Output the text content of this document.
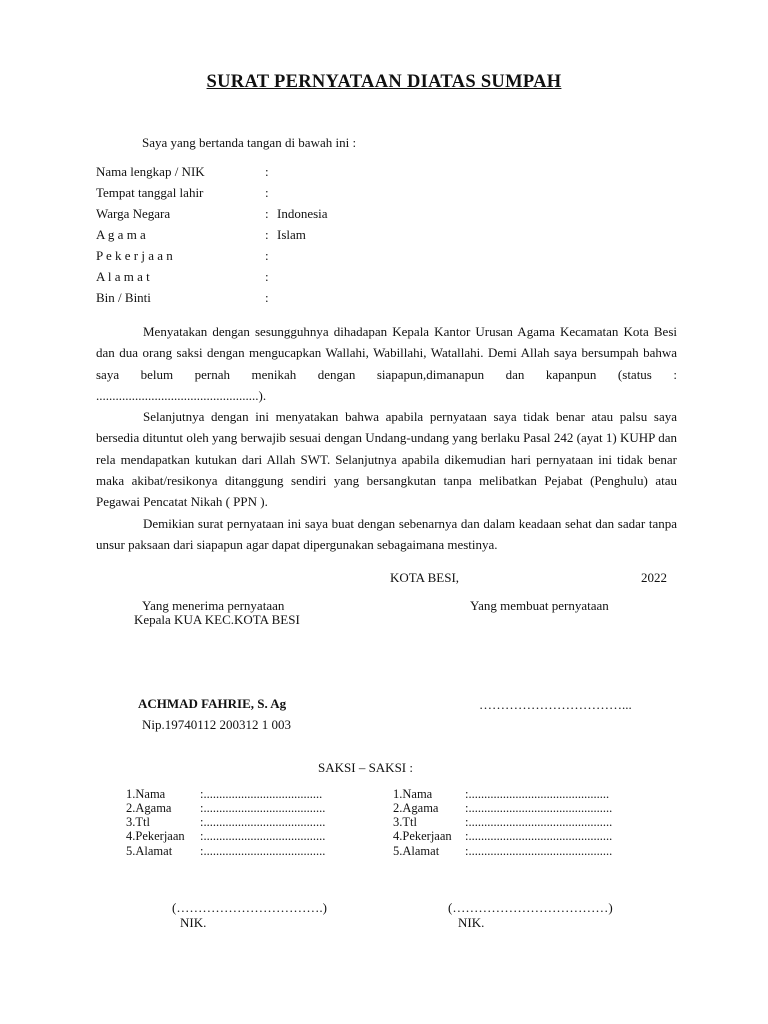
SURAT PERNYATAAN DIATAS SUMPAH
Saya yang bertanda tangan di bawah ini :
Nama lengkap / NIK	:
Tempat tanggal lahir	:
Warga Negara	: Indonesia
A g a m a	: Islam
P e k e r j a a n	:
A l a m a t	:
Bin / Binti	:
Menyatakan dengan sesungguhnya dihadapan Kepala Kantor Urusan Agama Kecamatan Kota Besi dan dua orang saksi dengan mengucapkan Wallahi, Wabillahi, Watallahi. Demi Allah saya bersumpah bahwa saya belum pernah menikah dengan siapapun,dimanapun dan kapanpun (status : ..................................................).
Selanjutnya dengan ini menyatakan bahwa apabila pernyataan saya tidak benar atau palsu saya bersedia dituntut oleh yang berwajib sesuai dengan Undang-undang yang berlaku Pasal 242 (ayat 1) KUHP dan rela mendapatkan kutukan dari Allah SWT. Selanjutnya apabila dikemudian hari pernyataan ini tidak benar maka akibat/resikonya ditanggung sendiri yang bersangkutan tanpa melibatkan Pejabat (Penghulu) atau Pegawai Pencatat Nikah ( PPN ).
Demikian surat pernyataan ini saya buat dengan sebenarnya dan dalam keadaan sehat dan sadar tanpa unsur paksaan dari siapapun agar dapat dipergunakan sebagaimana mestinya.
KOTA BESI,	2022
Yang menerima pernyataan
Kepala KUA KEC.KOTA BESI
Yang membuat pernyataan
ACHMAD FAHRIE, S. Ag	……………………………...
Nip.19740112 200312 1 003
SAKSI – SAKSI :
1.Nama	:......................................
2.Agama :.......................................
3.Ttl	:.......................................
4.Pekerjaan :.......................................
5.Alamat :.......................................
1.Nama	:.............................................
2.Agama :..............................................
3.Ttl	:..............................................
4.Pekerjaan :..............................................
5.Alamat :..............................................
(…………………………….)	(………………………………)
NIK.	NIK.
